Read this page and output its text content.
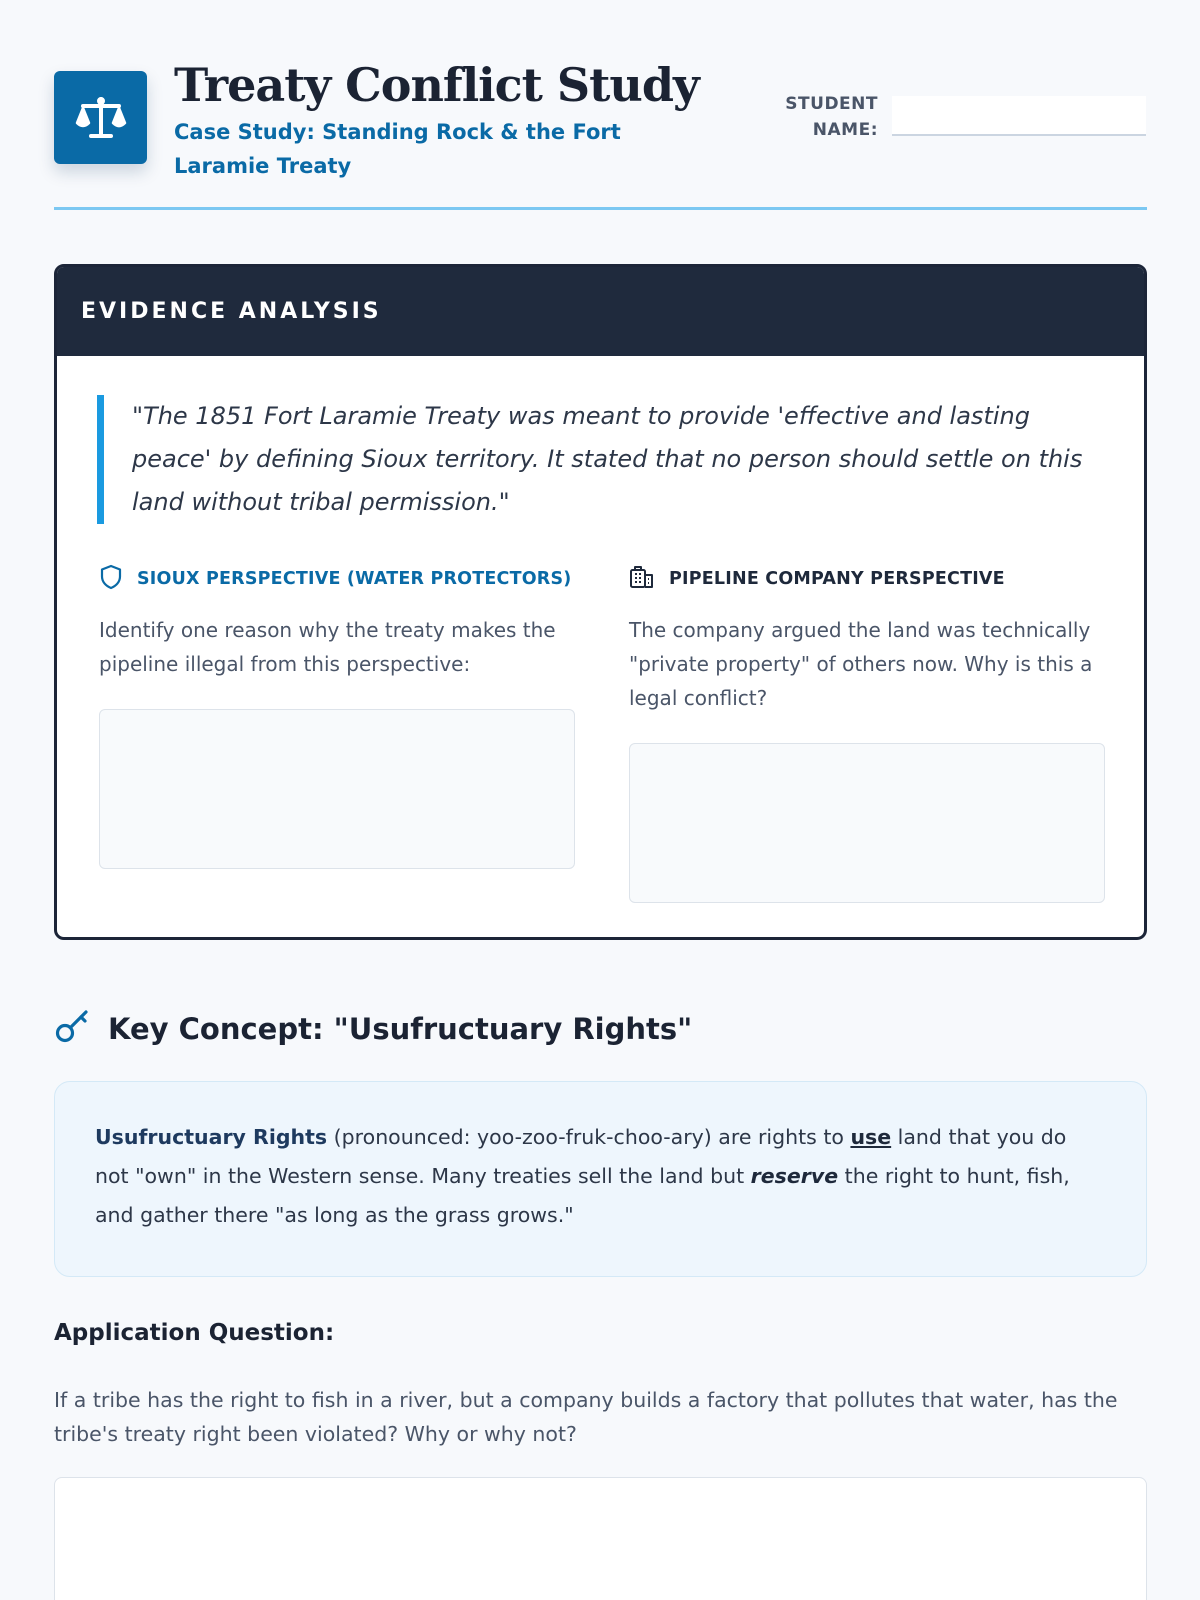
Treaty Conflict Study
Case Study: Standing Rock & the Fort Laramie Treaty
STUDENT NAME:
EVIDENCE ANALYSIS
"The 1851 Fort Laramie Treaty was meant to provide 'effective and lasting peace' by defining Sioux territory. It stated that no person should settle on this land without tribal permission."
SIOUX PERSPECTIVE (WATER PROTECTORS)
Identify one reason why the treaty makes the pipeline illegal from this perspective:
PIPELINE COMPANY PERSPECTIVE
The company argued the land was technically "private property" of others now. Why is this a legal conflict?
Key Concept: "Usufructuary Rights"
Usufructuary Rights (pronounced: yoo-zoo-fruk-choo-ary) are rights to use land that you do not "own" in the Western sense. Many treaties sell the land but reserve the right to hunt, fish, and gather there "as long as the grass grows."
Application Question:
If a tribe has the right to fish in a river, but a company builds a factory that pollutes that water, has the tribe's treaty right been violated? Why or why not?
